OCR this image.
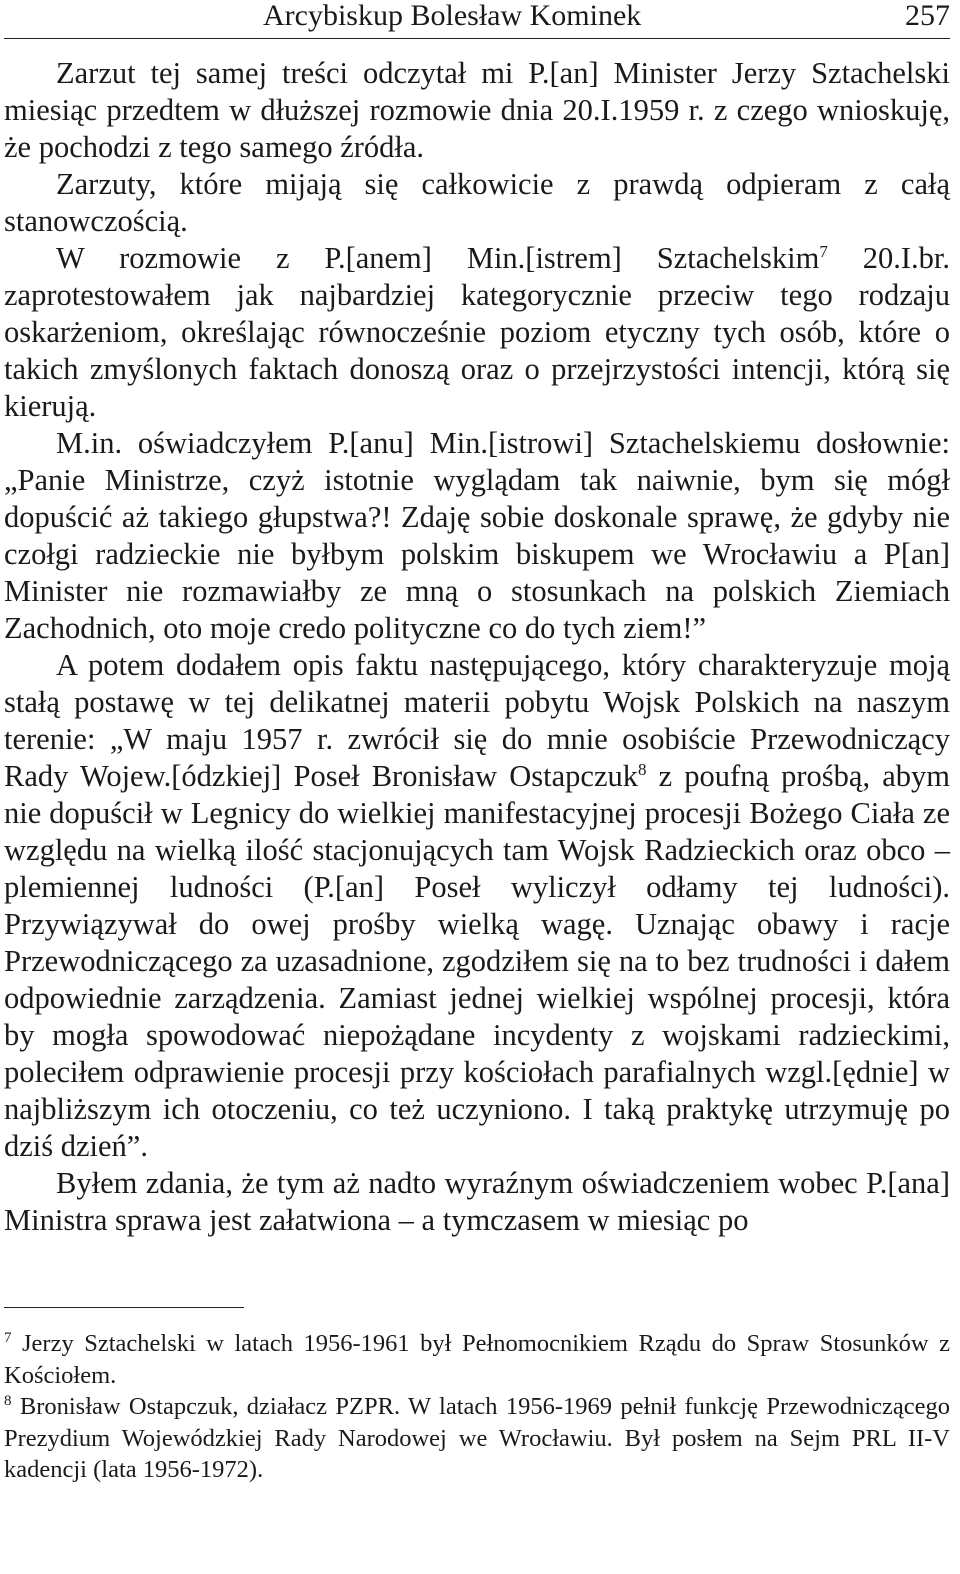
Arcybiskup Bolesław Kominek	257

Zarzut tej samej treści odczytał mi P.[an] Minister Jerzy Sztachelski miesiąc przedtem w dłuższej rozmowie dnia 20.I.1959 r. z czego wnioskuję, że pochodzi z tego samego źródła.

Zarzuty, które mijają się całkowicie z prawdą odpieram z całą stanowczością.

W rozmowie z P.[anem] Min.[istrem] Sztachelskim$^7$ 20.I.br. zaprotestowałem jak najbardziej kategorycznie przeciw tego rodzaju oskarżeniom, określając równocześnie poziom etyczny tych osób, które o takich zmyślonych faktach donoszą oraz o przejrzystości intencji, którą się kierują.

M.in. oświadczyłem P.[anu] Min.[istrowi] Sztachelskiemu dosłownie: „Panie Ministrze, czyż istotnie wyglądam tak naiwnie, bym się mógł dopuścić aż takiego głupstwa?! Zdaję sobie doskonale sprawę, że gdyby nie czołgi radzieckie nie byłbym polskim biskupem we Wrocławiu a P[an] Minister nie rozmawiałby ze mną o stosunkach na polskich Ziemiach Zachodnich, oto moje credo polityczne co do tych ziem!”

A potem dodałem opis faktu następującego, który charakteryzuje moją stałą postawę w tej delikatnej materii pobytu Wojsk Polskich na naszym terenie: „W maju 1957 r. zwrócił się do mnie osobiście Przewodniczący Rady Wojew.[ódzkiej] Poseł Bronisław Ostapczuk$^8$ z poufną prośbą, abym nie dopuścił w Legnicy do wielkiej manifestacyjnej procesji Bożego Ciała ze względu na wielką ilość stacjonujących tam Wojsk Radzieckich oraz obco – plemiennej ludności (P.[an] Poseł wyliczył odłamy tej ludności). Przywiązywał do owej prośby wielką wagę. Uznając obawy i racje Przewodniczącego za uzasadnione, zgodziłem się na to bez trudności i dałem odpowiednie zarządzenia. Zamiast jednej wielkiej wspólnej procesji, która by mogła spowodować niepożądane incydenty z wojskami radzieckimi, poleciłem odprawienie procesji przy kościołach parafialnych wzgl.[ędnie] w najbliższym ich otoczeniu, co też uczyniono. I taką praktykę utrzymuję po dziś dzień”.

Byłem zdania, że tym aż nadto wyraźnym oświadczeniem wobec P.[ana] Ministra sprawa jest załatwiona – a tymczasem w miesiąc po

$^7$ Jerzy Sztachelski w latach 1956-1961 był Pełnomocnikiem Rządu do Spraw Stosunków z Kościołem.

$^8$ Bronisław Ostapczuk, działacz PZPR. W latach 1956-1969 pełnił funkcję Przewodniczącego Prezydium Wojewódzkiej Rady Narodowej we Wrocławiu. Był posłem na Sejm PRL II-V kadencji (lata 1956-1972).
